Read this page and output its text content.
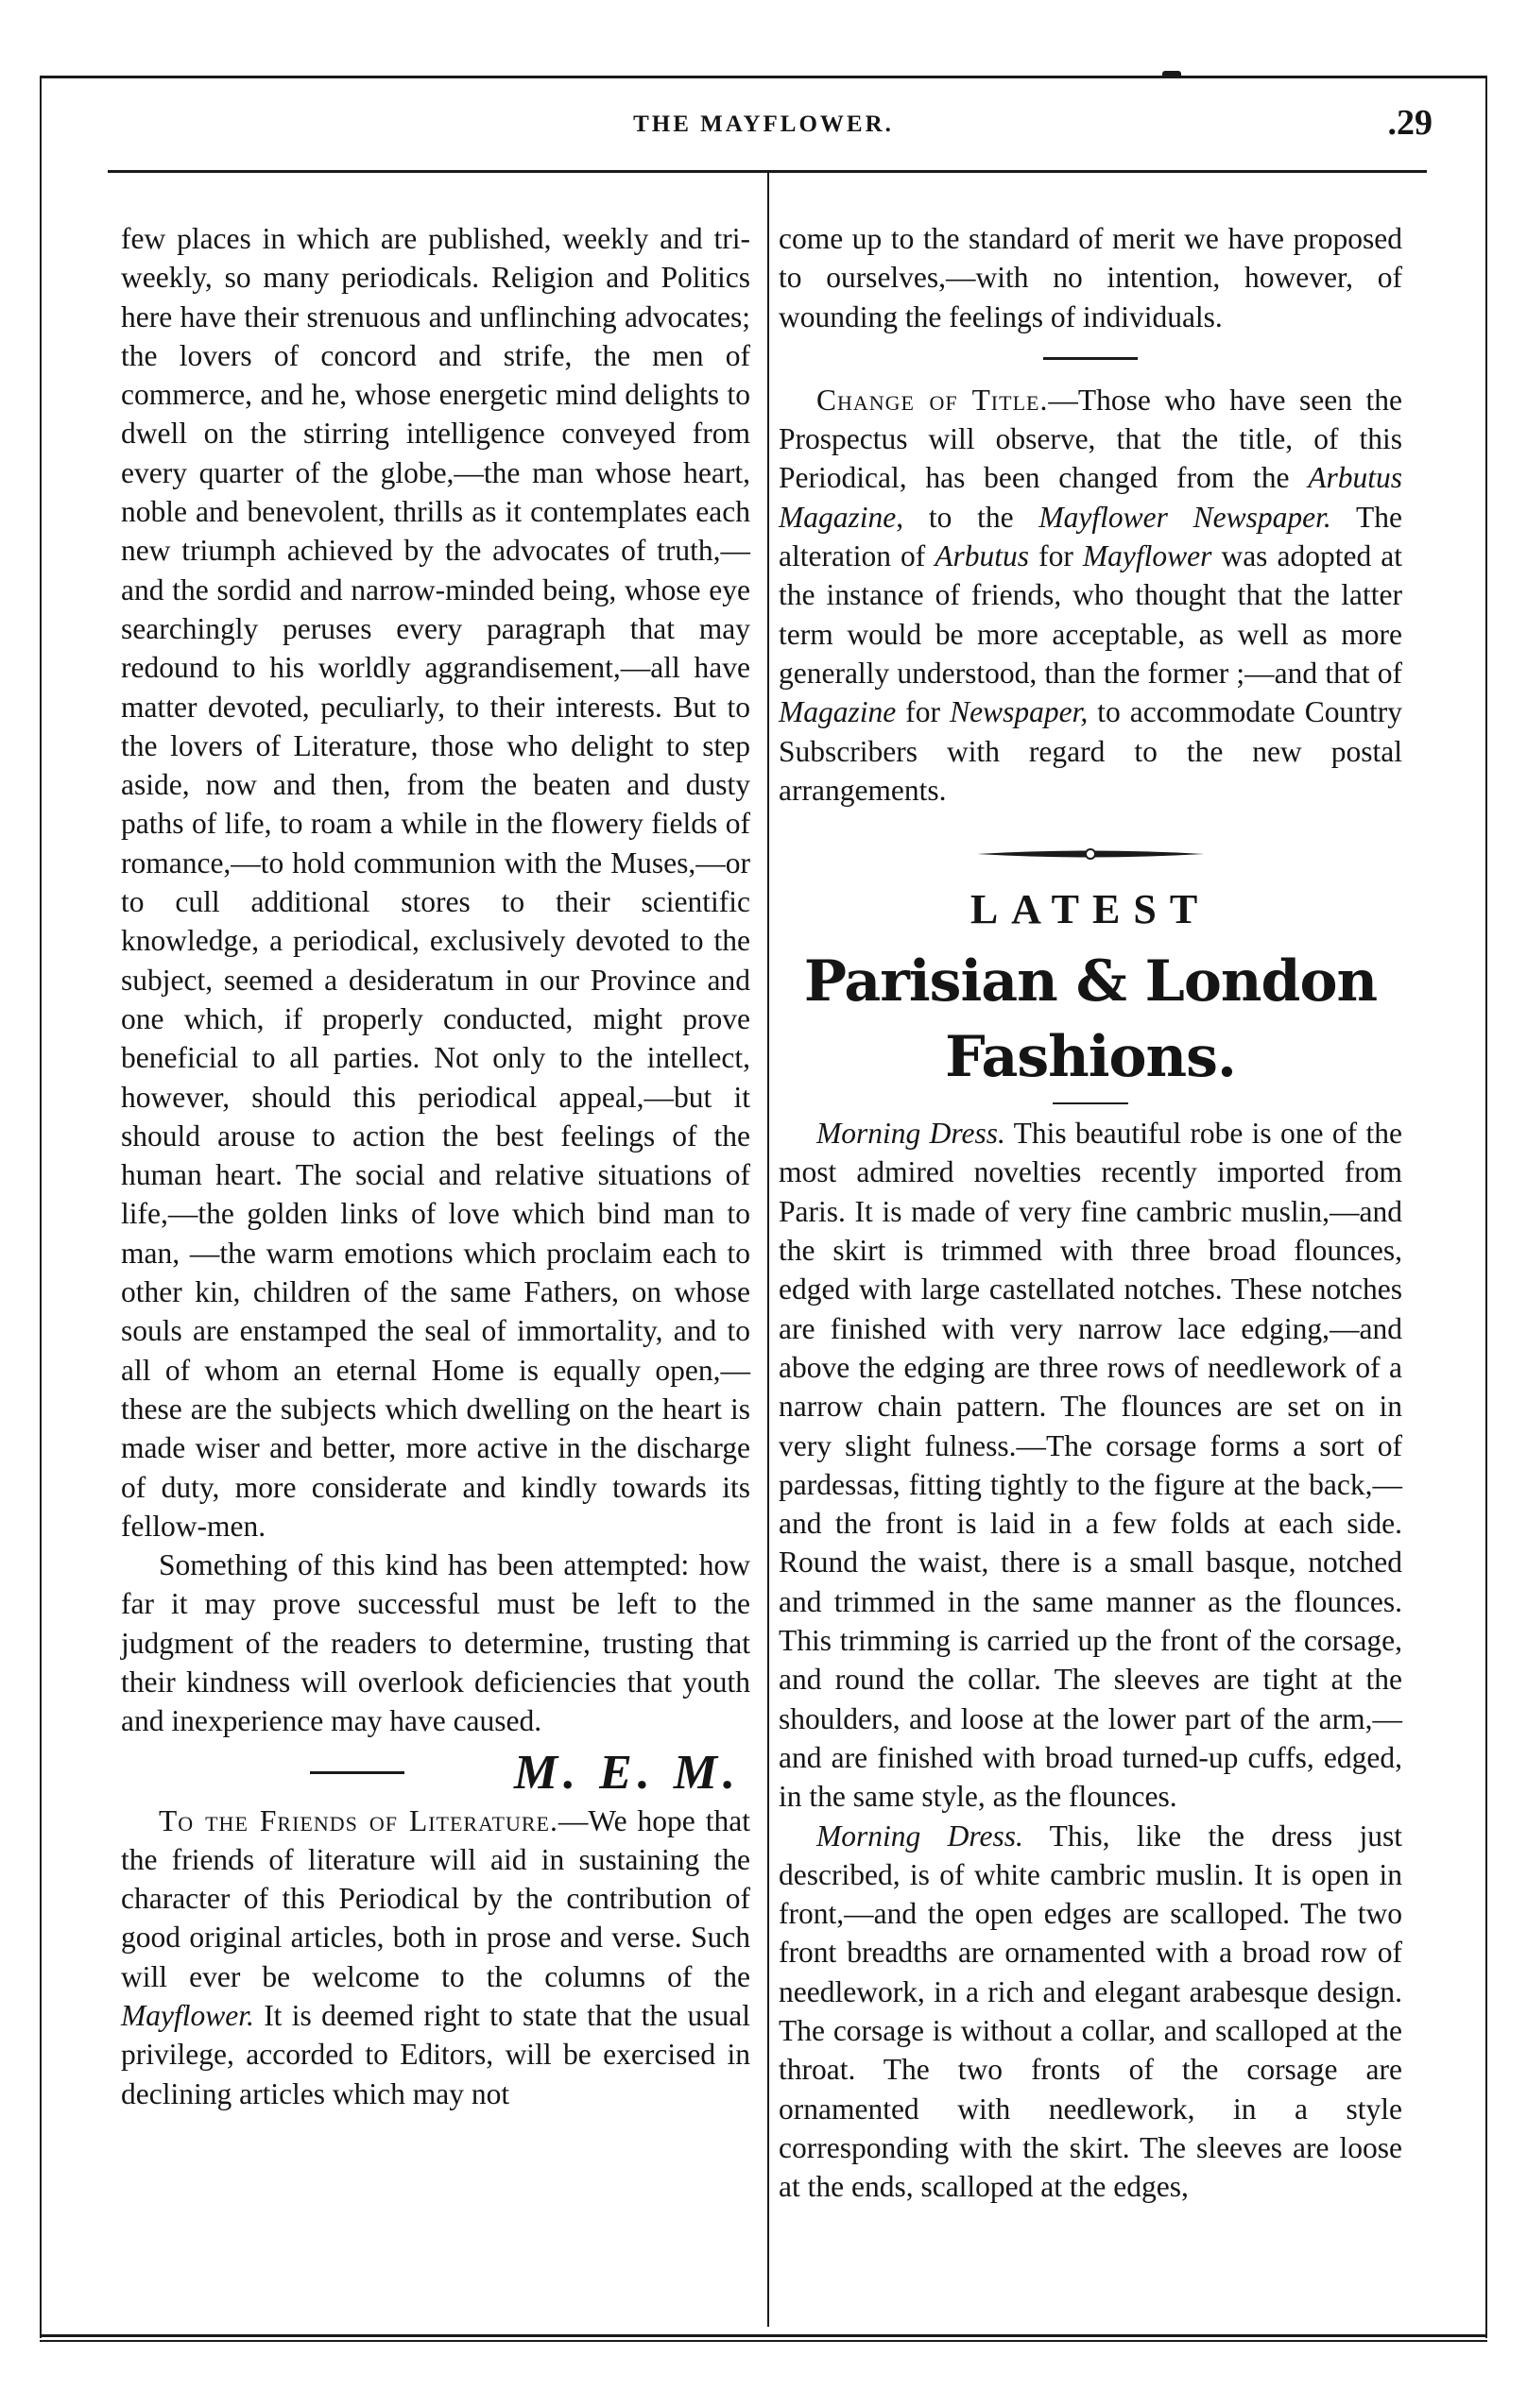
THE MAYFLOWER.	.29

few places in which are published, weekly and tri-weekly, so many periodicals. Religion and Politics here have their strenuous and unflinching advocates; the lovers of concord and strife, the men of commerce, and he, whose energetic mind delights to dwell on the stirring intelligence conveyed from every quarter of the globe,—the man whose heart, noble and benevolent, thrills as it contemplates each new triumph achieved by the advocates of truth,—and the sordid and narrow-minded being, whose eye searchingly peruses every paragraph that may redound to his worldly aggrandisement,—all have matter devoted, peculiarly, to their interests. But to the lovers of Literature, those who delight to step aside, now and then, from the beaten and dusty paths of life, to roam a while in the flowery fields of romance,—to hold communion with the Muses,—or to cull additional stores to their scientific knowledge, a periodical, exclusively devoted to the subject, seemed a desideratum in our Province and one which, if properly conducted, might prove beneficial to all parties. Not only to the intellect, however, should this periodical appeal,—but it should arouse to action the best feelings of the human heart. The social and relative situations of life,—the golden links of love which bind man to man, —the warm emotions which proclaim each to other kin, children of the same Fathers, on whose souls are enstamped the seal of immortality, and to all of whom an eternal Home is equally open,—these are the subjects which dwelling on the heart is made wiser and better, more active in the discharge of duty, more considerate and kindly towards its fellow-men.

Something of this kind has been attempted: how far it may prove successful must be left to the judgment of the readers to determine, trusting that their kindness will overlook deficiencies that youth and inexperience may have caused.

M. E. M.

To the Friends of Literature.—We hope that the friends of literature will aid in sustaining the character of this Periodical by the contribution of good original articles, both in prose and verse. Such will ever be welcome to the columns of the Mayflower. It is deemed right to state that the usual privilege, accorded to Editors, will be exercised in declining articles which may not

come up to the standard of merit we have proposed to ourselves,—with no intention, however, of wounding the feelings of individuals.

Change of Title.—Those who have seen the Prospectus will observe, that the title, of this Periodical, has been changed from the Arbutus Magazine, to the Mayflower Newspaper. The alteration of Arbutus for Mayflower was adopted at the instance of friends, who thought that the latter term would be more acceptable, as well as more generally understood, than the former ;—and that of Magazine for Newspaper, to accommodate Country Subscribers with regard to the new postal arrangements.

LATEST
Parisian & London Fashions.

Morning Dress. This beautiful robe is one of the most admired novelties recently imported from Paris. It is made of very fine cambric muslin,—and the skirt is trimmed with three broad flounces, edged with large castellated notches. These notches are finished with very narrow lace edging,—and above the edging are three rows of needlework of a narrow chain pattern. The flounces are set on in very slight fulness.—The corsage forms a sort of pardessas, fitting tightly to the figure at the back,—and the front is laid in a few folds at each side. Round the waist, there is a small basque, notched and trimmed in the same manner as the flounces. This trimming is carried up the front of the corsage, and round the collar. The sleeves are tight at the shoulders, and loose at the lower part of the arm,—and are finished with broad turned-up cuffs, edged, in the same style, as the flounces.

Morning Dress. This, like the dress just described, is of white cambric muslin. It is open in front,—and the open edges are scalloped. The two front breadths are ornamented with a broad row of needlework, in a rich and elegant arabesque design. The corsage is without a collar, and scalloped at the throat. The two fronts of the corsage are ornamented with needlework, in a style corresponding with the skirt. The sleeves are loose at the ends, scalloped at the edges,
